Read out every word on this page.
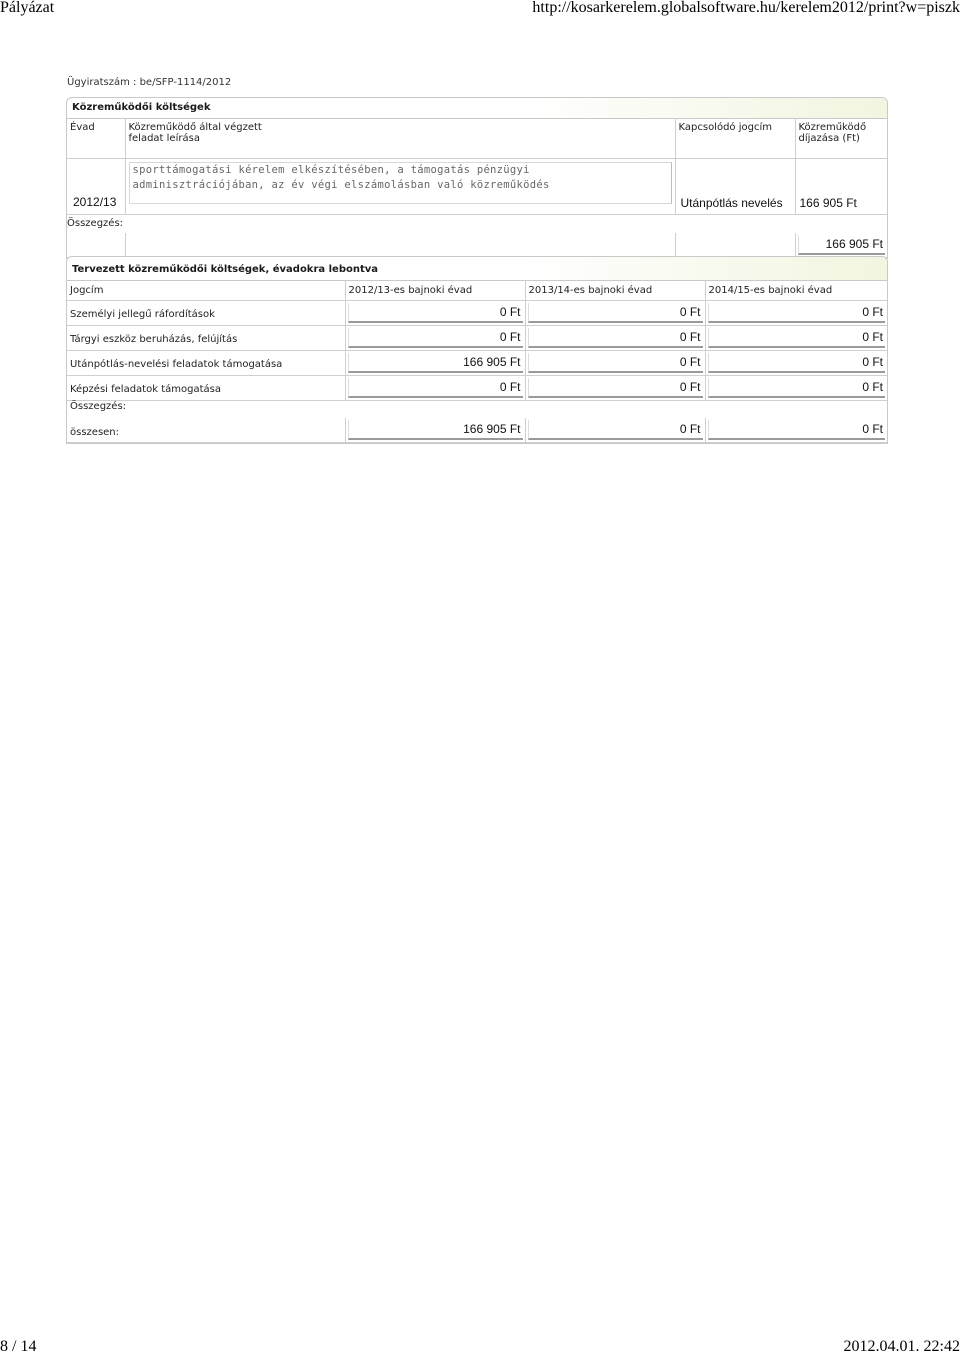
Pályázat	http://kosarkerelem.globalsoftware.hu/kerelem2012/print?w=piszk
Ügyiratszám : be/SFP-1114/2012
Közreműködői költségek
Évad	Közreműködő által végzett feladat leírása	Kapcsolódó jogcím	Közreműködő díjazása (Ft)
2012/13	sporttámogatási kérelem elkészítésében, a támogatás pénzügyi adminisztrációjában, az év végi elszámolásban való közreműködés	Utánpótlás nevelés	166 905 Ft
Összegzés:			

			166 905 Ft
Tervezett közreműködői költségek, évadokra lebontva
Jogcím	2012/13-es bajnoki évad	2013/14-es bajnoki évad	2014/15-es bajnoki évad
Személyi jellegű ráfordítások	0 Ft	0 Ft	0 Ft

Tárgyi eszköz beruházás, felújítás	0 Ft	0 Ft	0 Ft

Utánpótlás-nevelési feladatok támogatása	166 905 Ft	0 Ft	0 Ft

Képzési feladatok támogatása	0 Ft	0 Ft	0 Ft

Összegzés:			
összesen:	166 905 Ft	0 Ft	0 Ft
8 / 14	2012.04.01. 22:42
